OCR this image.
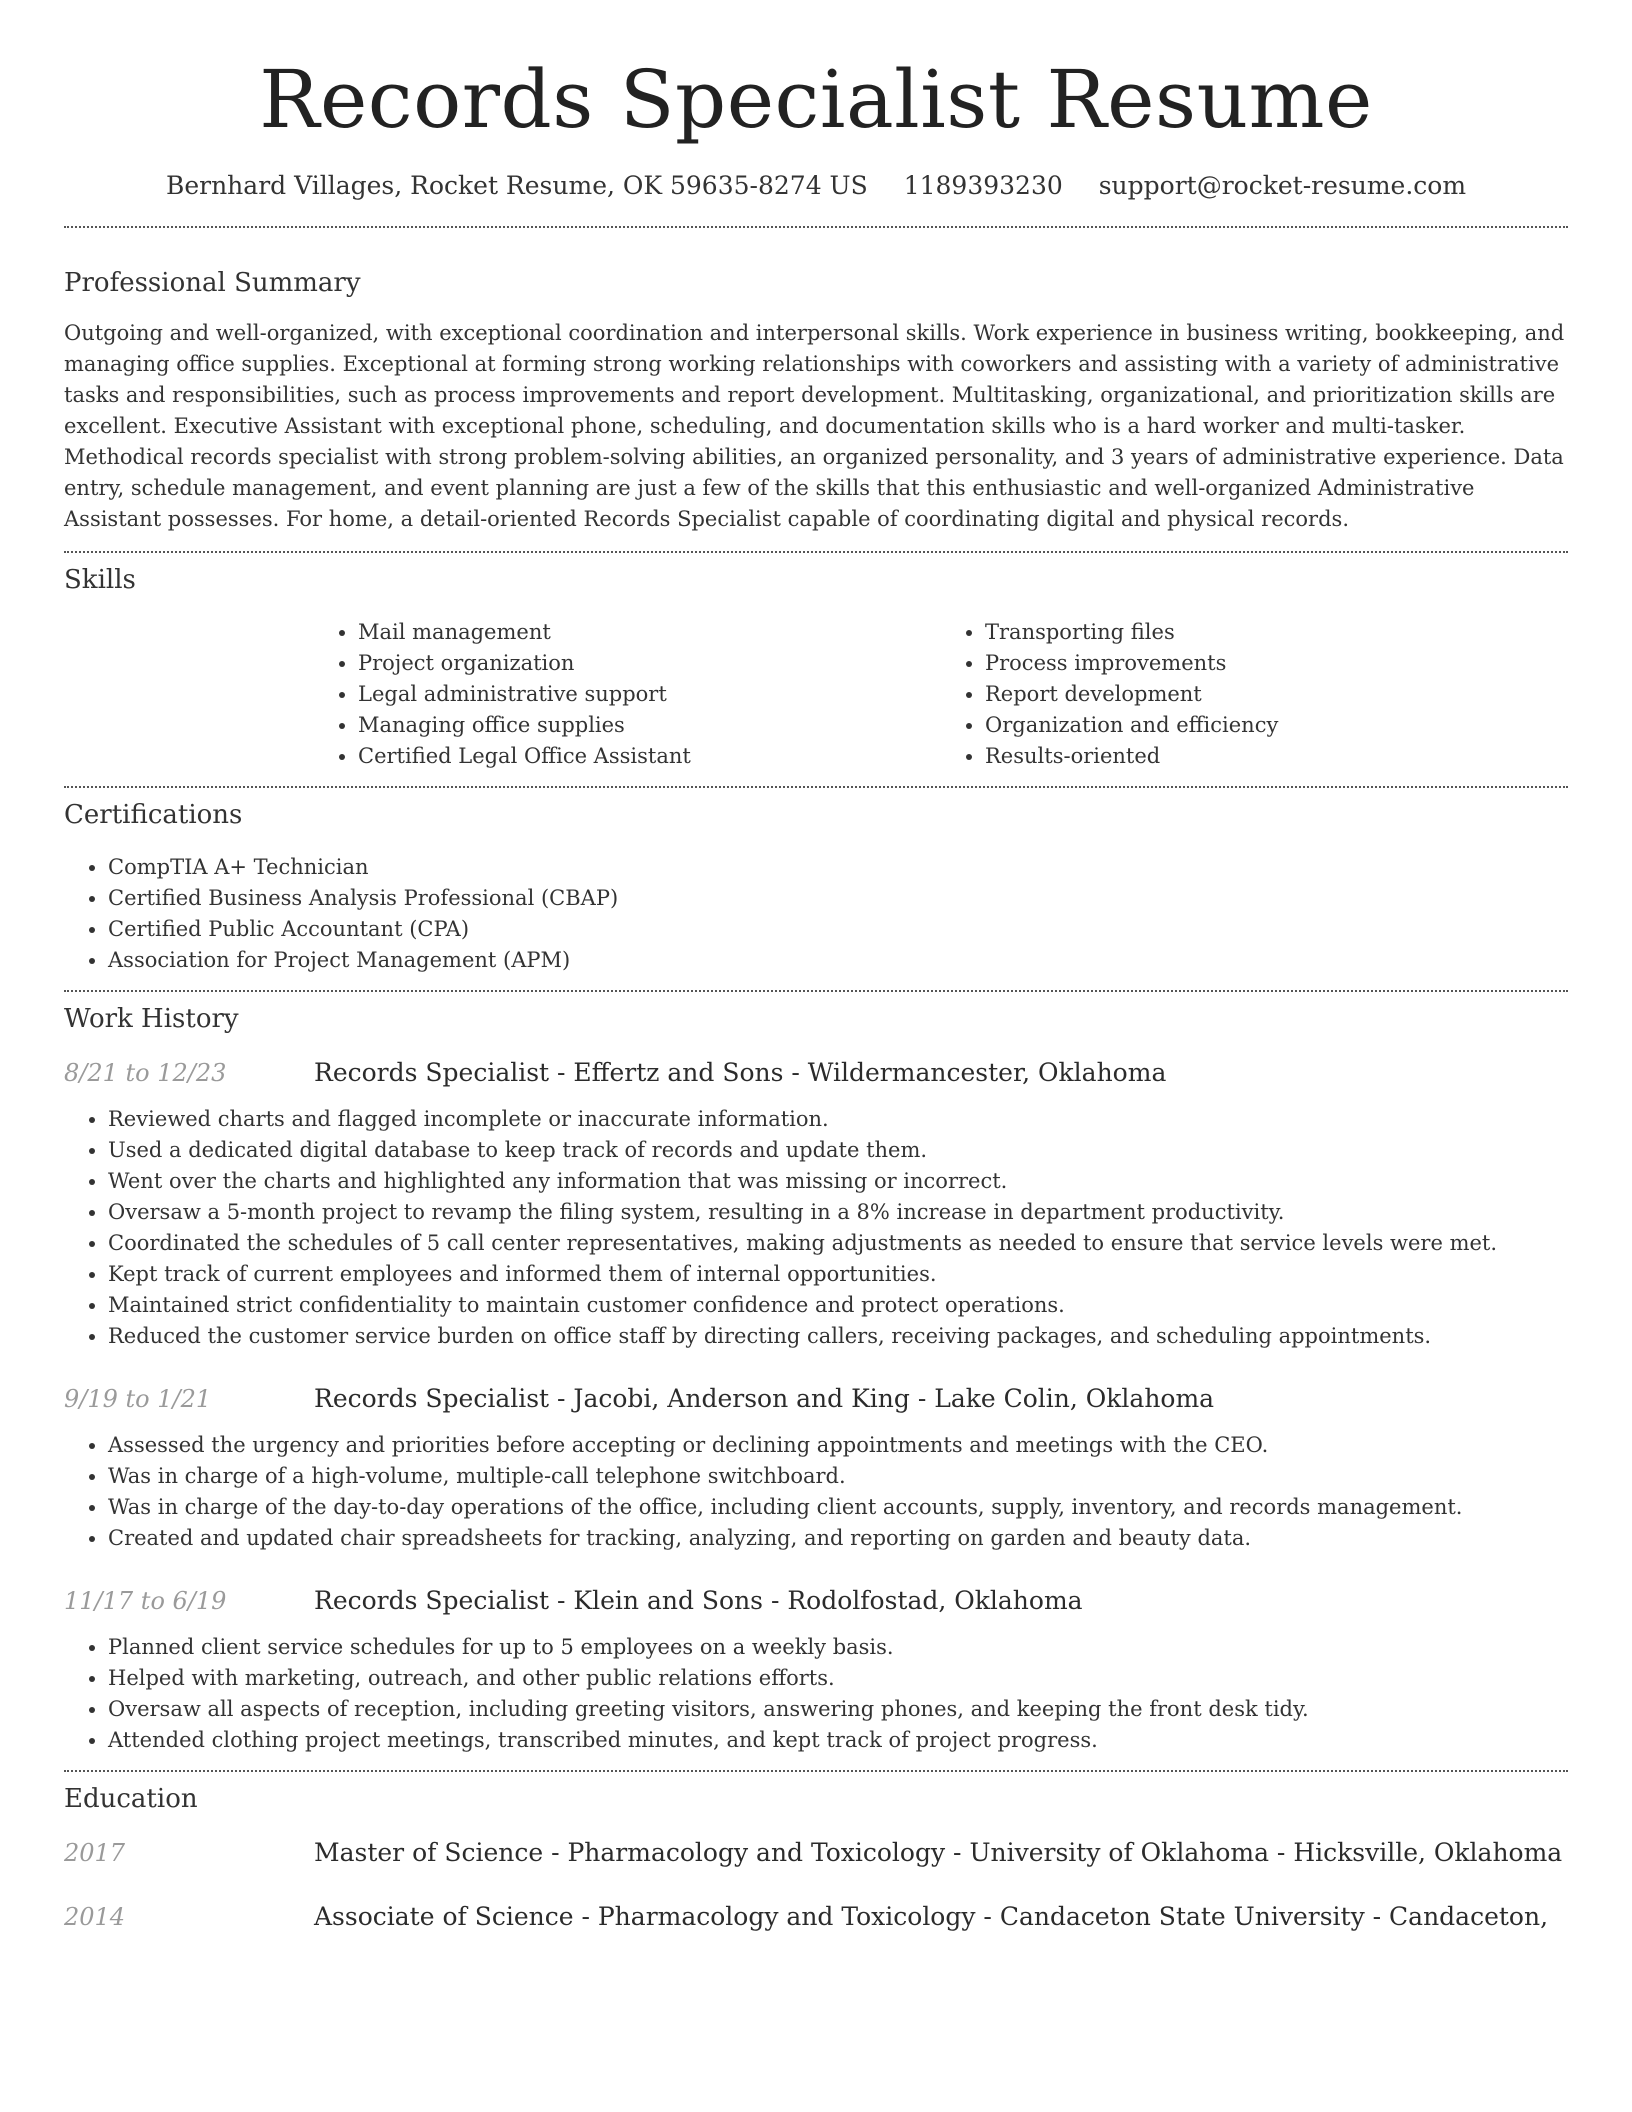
Records Specialist Resume
Bernhard Villages, Rocket Resume, OK 59635-8274 US 1189393230 support@rocket-resume.com
Professional Summary

Outgoing and well-organized, with exceptional coordination and interpersonal skills. Work experience in business writing, bookkeeping, and managing office supplies. Exceptional at forming strong working relationships with coworkers and assisting with a variety of administrative tasks and responsibilities, such as process improvements and report development. Multitasking, organizational, and prioritization skills are excellent. Executive Assistant with exceptional phone, scheduling, and documentation skills who is a hard worker and multi-tasker. Methodical records specialist with strong problem-solving abilities, an organized personality, and 3 years of administrative experience. Data entry, schedule management, and event planning are just a few of the skills that this enthusiastic and well-organized Administrative Assistant possesses. For home, a detail-oriented Records Specialist capable of coordinating digital and physical records.

Skills
• Mail management
• Project organization
• Legal administrative support
• Managing office supplies
• Certified Legal Office Assistant
• Transporting files
• Process improvements
• Report development
• Organization and efficiency
• Results-oriented
Certifications
• CompTIA A+ Technician
• Certified Business Analysis Professional (CBAP)
• Certified Public Accountant (CPA)
• Association for Project Management (APM)
Work History
8/21 to 12/23	Records Specialist - Effertz and Sons - Wildermancester, Oklahoma
• Reviewed charts and flagged incomplete or inaccurate information.
• Used a dedicated digital database to keep track of records and update them.
• Went over the charts and highlighted any information that was missing or incorrect.
• Oversaw a 5-month project to revamp the filing system, resulting in a 8% increase in department productivity.
• Coordinated the schedules of 5 call center representatives, making adjustments as needed to ensure that service levels were met.
• Kept track of current employees and informed them of internal opportunities.
• Maintained strict confidentiality to maintain customer confidence and protect operations.
• Reduced the customer service burden on office staff by directing callers, receiving packages, and scheduling appointments.
9/19 to 1/21	Records Specialist - Jacobi, Anderson and King - Lake Colin, Oklahoma
• Assessed the urgency and priorities before accepting or declining appointments and meetings with the CEO.
• Was in charge of a high-volume, multiple-call telephone switchboard.
• Was in charge of the day-to-day operations of the office, including client accounts, supply, inventory, and records management.
• Created and updated chair spreadsheets for tracking, analyzing, and reporting on garden and beauty data.
11/17 to 6/19	Records Specialist - Klein and Sons - Rodolfostad, Oklahoma
• Planned client service schedules for up to 5 employees on a weekly basis.
• Helped with marketing, outreach, and other public relations efforts.
• Oversaw all aspects of reception, including greeting visitors, answering phones, and keeping the front desk tidy.
• Attended clothing project meetings, transcribed minutes, and kept track of project progress.
Education
2017	Master of Science - Pharmacology and Toxicology - University of Oklahoma - Hicksville, Oklahoma
2014	Associate of Science - Pharmacology and Toxicology - Candaceton State University - Candaceton,
